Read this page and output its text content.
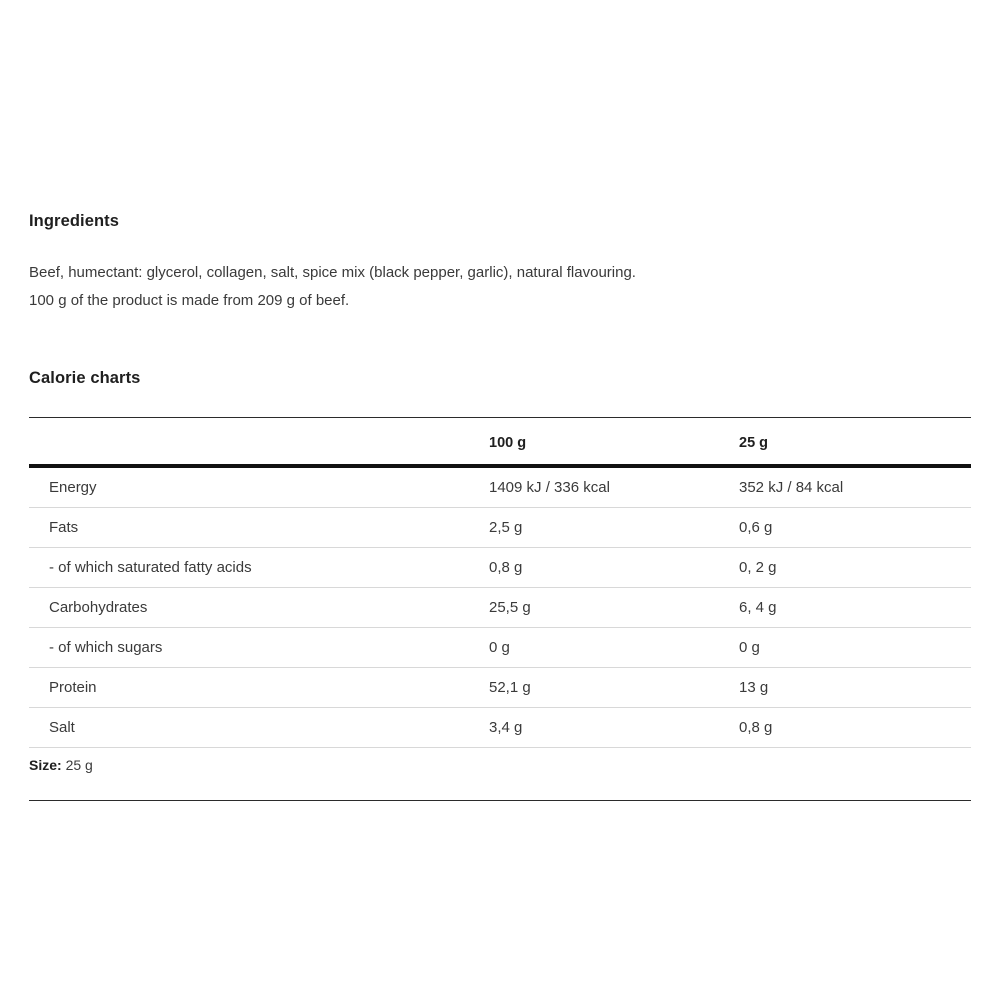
Ingredients

Beef, humectant: glycerol, collagen, salt, spice mix (black pepper, garlic), natural flavouring.

100 g of the product is made from 209 g of beef.

Calorie charts
	100 g	25 g
Energy	1409 kJ / 336 kcal	352 kJ / 84 kcal
Fats	2,5 g	0,6 g
- of which saturated fatty acids	0,8 g	0, 2 g
Carbohydrates	25,5 g	6, 4 g
- of which sugars	0 g	0 g
Protein	52,1 g	13 g
Salt	3,4 g	0,8 g

Size: 25 g
